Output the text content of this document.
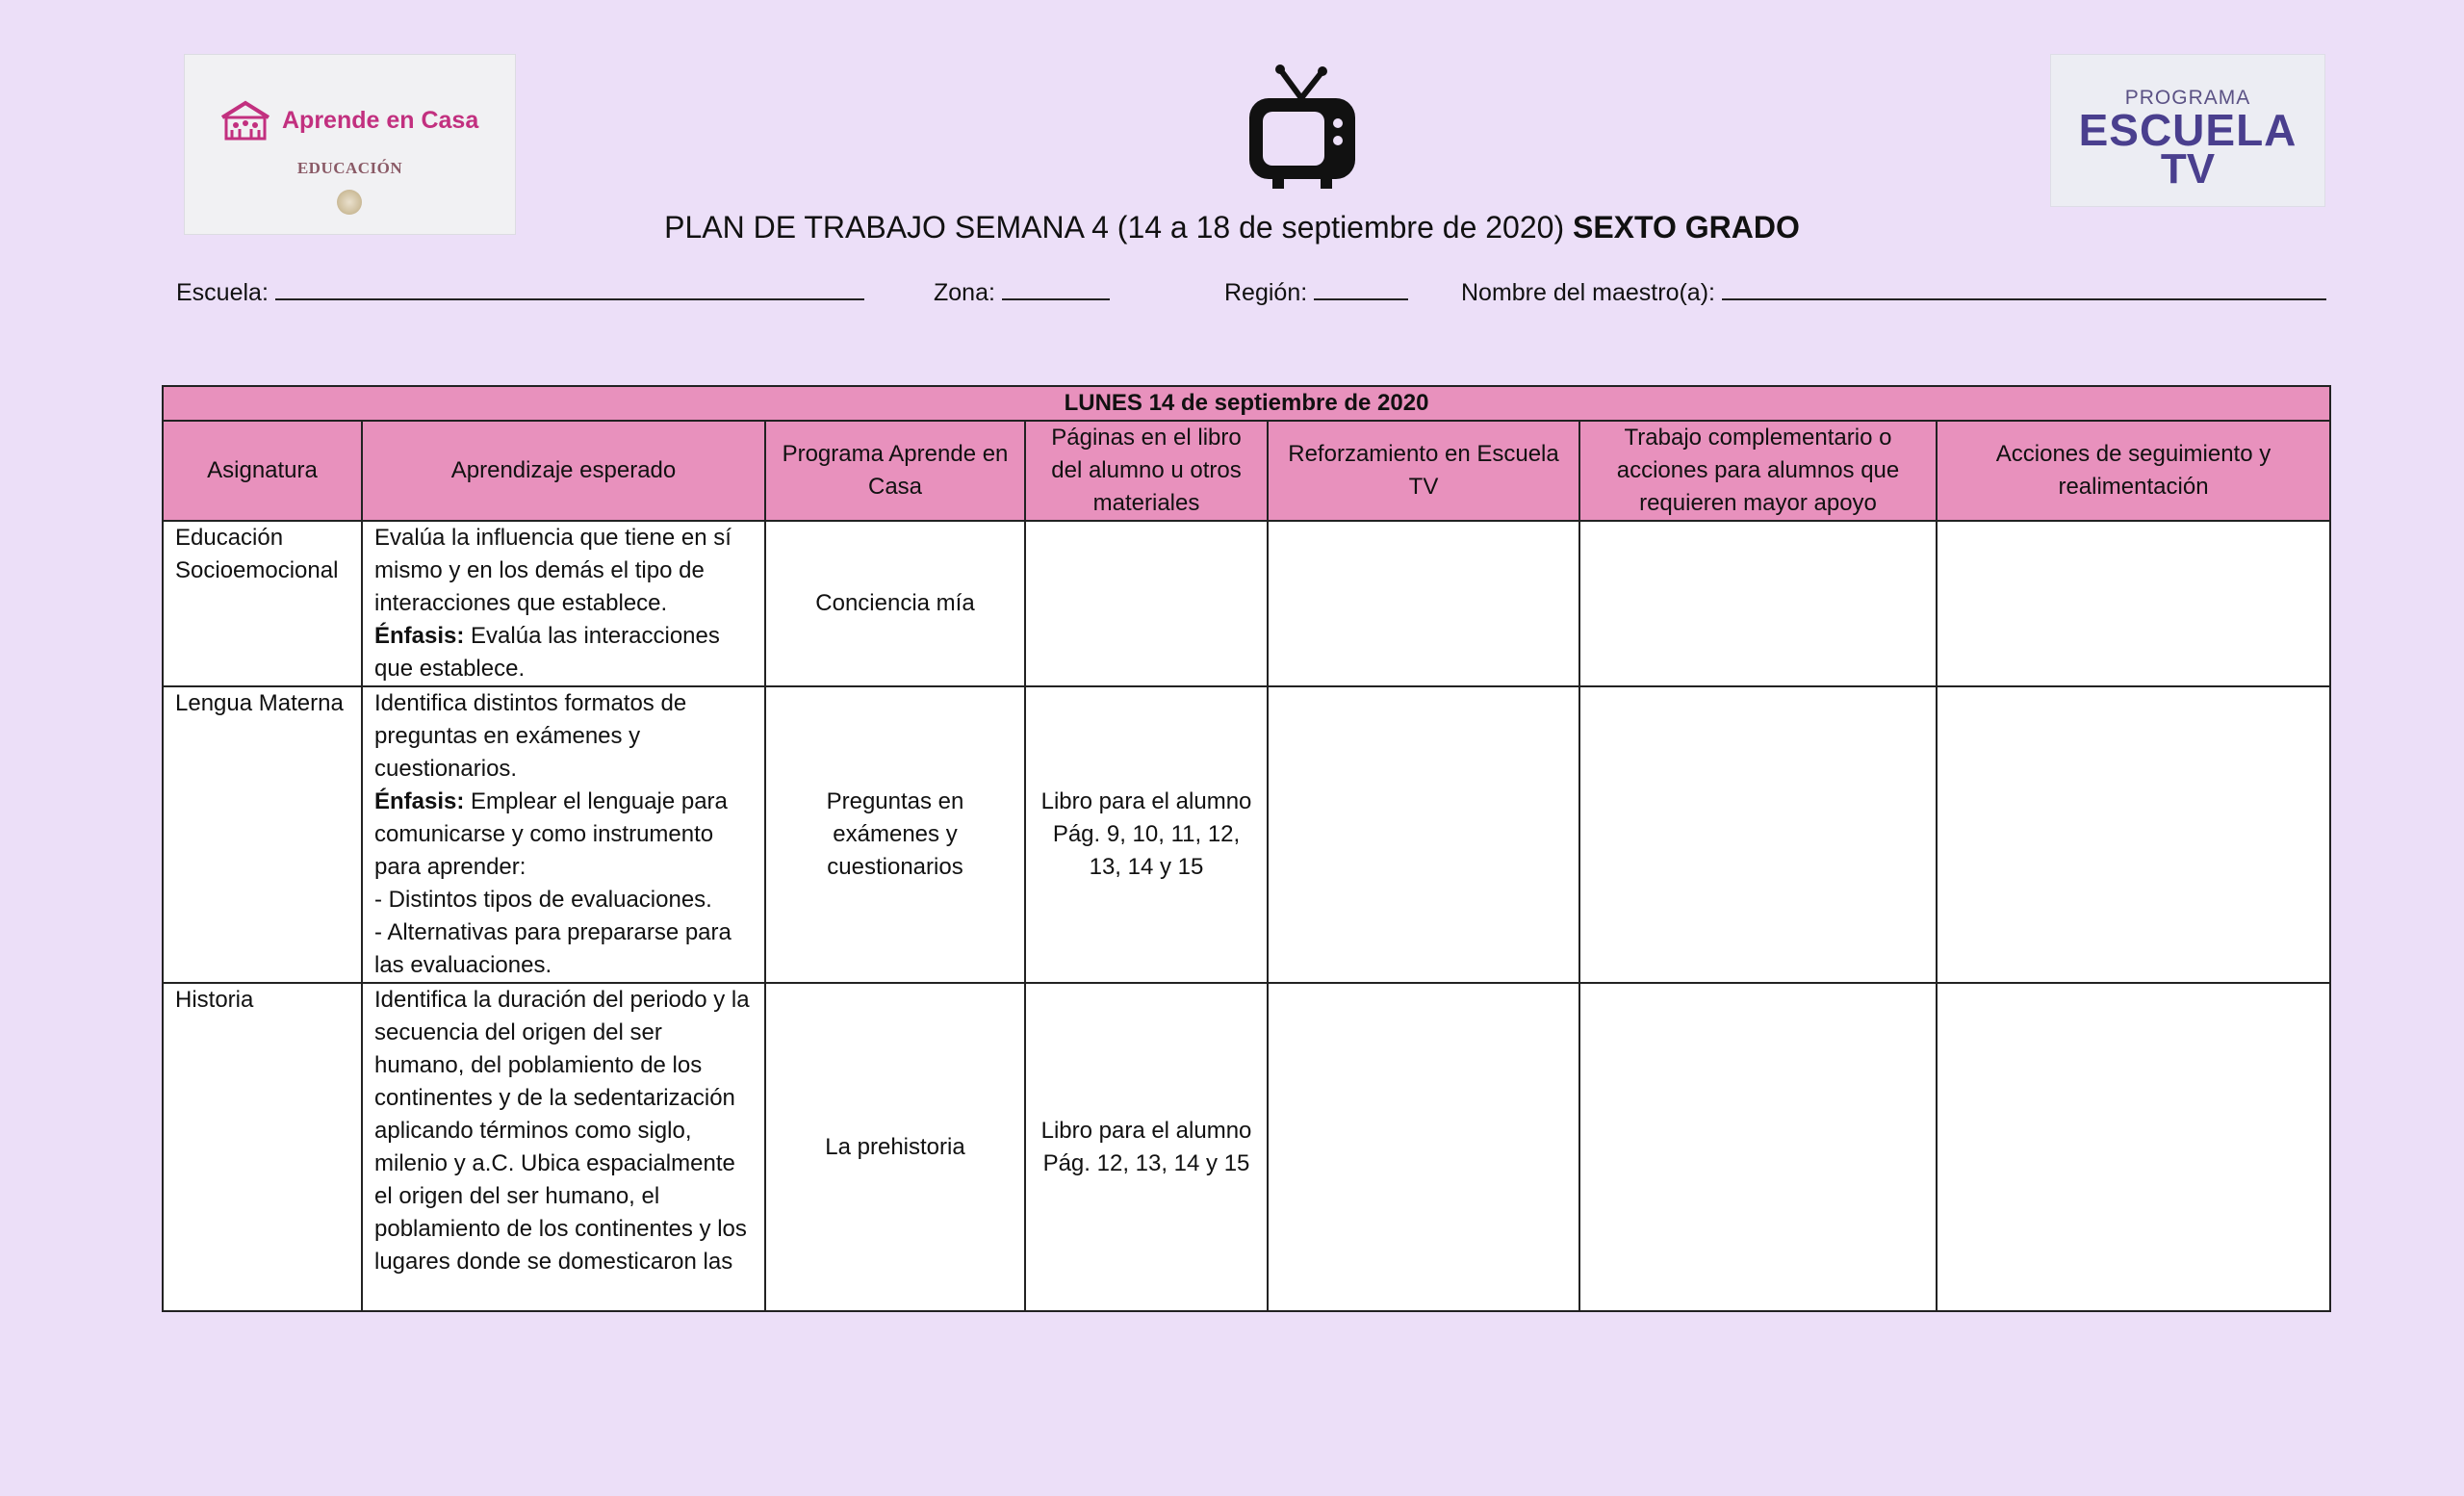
Aprende en Casa
EDUCACIÓN
PROGRAMA
ESCUELA
TV
PLAN DE TRABAJO SEMANA 4 (14 a 18 de septiembre de 2020) SEXTO GRADO
Escuela:	Zona:	Región:	Nombre del maestro(a):
LUNES 14 de septiembre de 2020						
Asignatura	Aprendizaje esperado	Programa Aprende en Casa	Páginas en el libro del alumno u otros materiales	Reforzamiento en Escuela TV	Trabajo complementario o acciones para alumnos que requieren mayor apoyo	Acciones de seguimiento y realimentación
Educación Socioemocional	Evalúa la influencia que tiene en sí mismo y en los demás el tipo de interacciones que establece.
Énfasis: Evalúa las interacciones que establece.	Conciencia mía				
Lengua Materna	Identifica distintos formatos de preguntas en exámenes y cuestionarios.
Énfasis: Emplear el lenguaje para comunicarse y como instrumento para aprender:
- Distintos tipos de evaluaciones.
- Alternativas para prepararse para las evaluaciones.	Preguntas en exámenes y cuestionarios	Libro para el alumno
Pág. 9, 10, 11, 12, 13, 14 y 15			
Historia	Identifica la duración del periodo y la secuencia del origen del ser humano, del poblamiento de los continentes y de la sedentarización aplicando términos como siglo, milenio y a.C. Ubica espacialmente el origen del ser humano, el poblamiento de los continentes y los lugares donde se domesticaron las	La prehistoria	Libro para el alumno
Pág. 12, 13, 14 y 15			
